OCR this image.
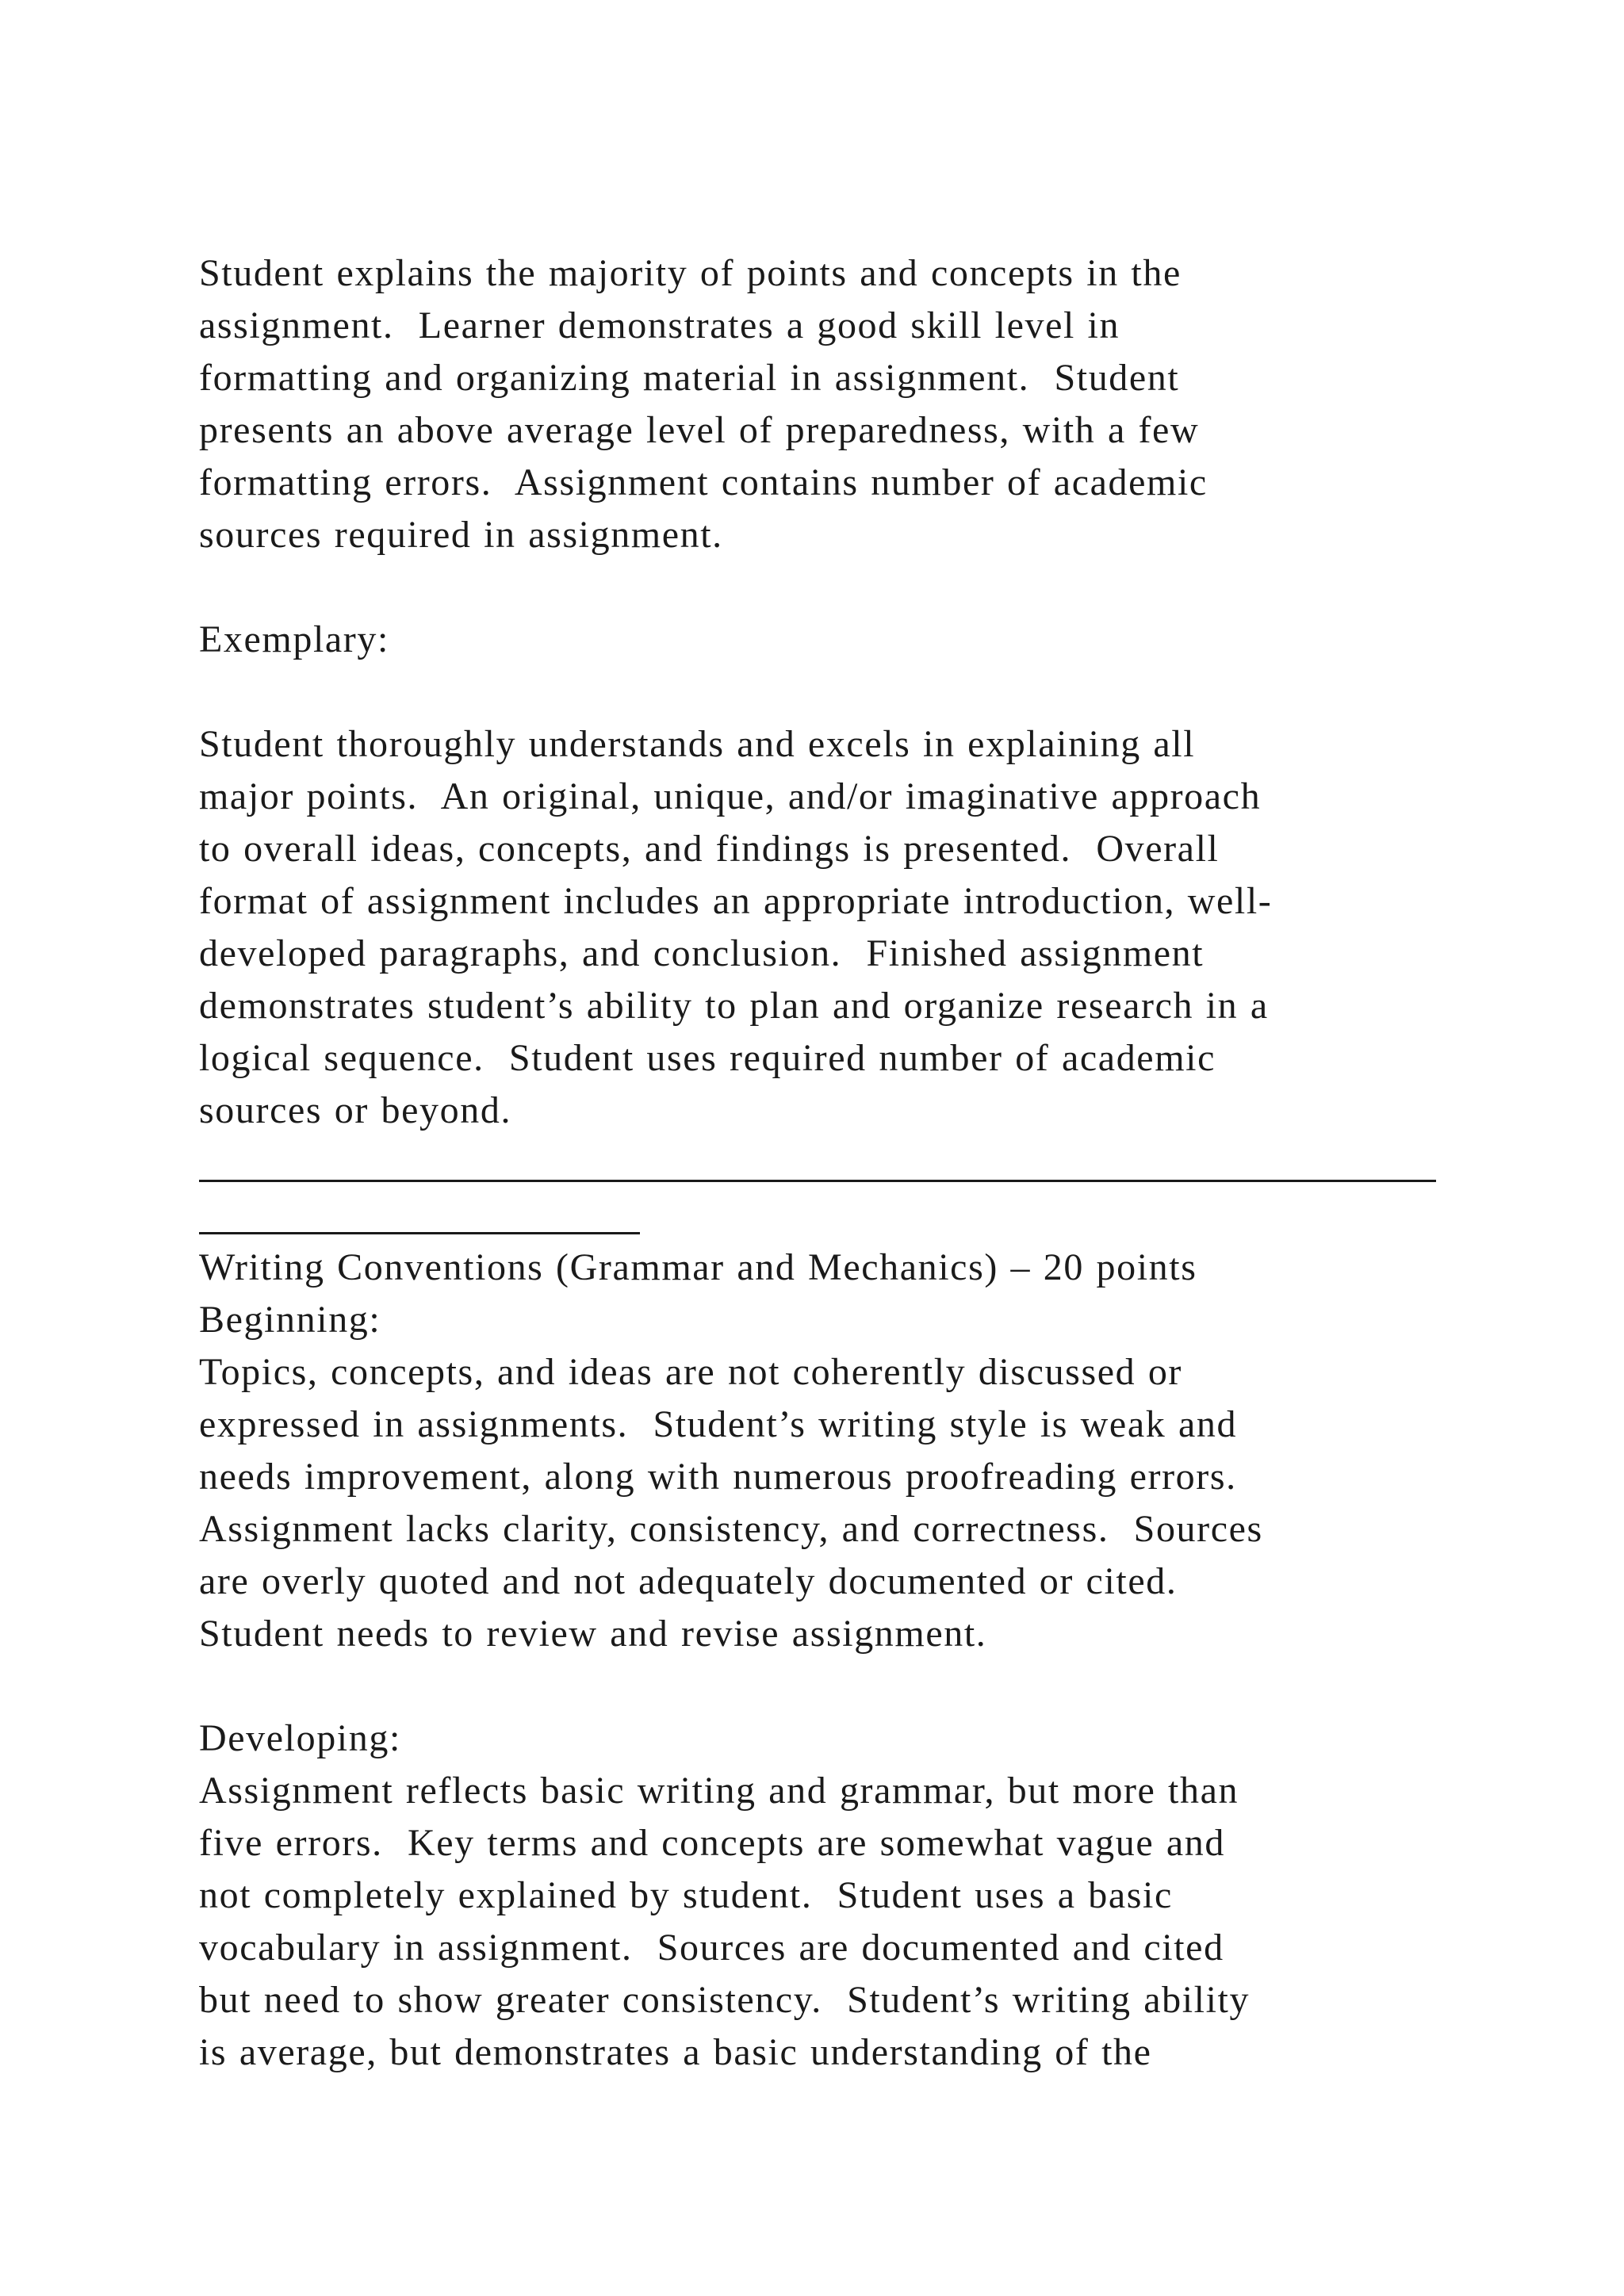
Student explains the majority of points and concepts in the
assignment.  Learner demonstrates a good skill level in
formatting and organizing material in assignment.  Student
presents an above average level of preparedness, with a few
formatting errors.  Assignment contains number of academic
sources required in assignment.
Exemplary:
Student thoroughly understands and excels in explaining all
major points.  An original, unique, and/or imaginative approach
to overall ideas, concepts, and findings is presented.  Overall
format of assignment includes an appropriate introduction, well-
developed paragraphs, and conclusion.  Finished assignment
demonstrates student’s ability to plan and organize research in a
logical sequence.  Student uses required number of academic
sources or beyond.
Writing Conventions (Grammar and Mechanics) – 20 points
Beginning:
Topics, concepts, and ideas are not coherently discussed or
expressed in assignments.  Student’s writing style is weak and
needs improvement, along with numerous proofreading errors.
Assignment lacks clarity, consistency, and correctness.  Sources
are overly quoted and not adequately documented or cited.
Student needs to review and revise assignment.
Developing:
Assignment reflects basic writing and grammar, but more than
five errors.  Key terms and concepts are somewhat vague and
not completely explained by student.  Student uses a basic
vocabulary in assignment.  Sources are documented and cited
but need to show greater consistency.  Student’s writing ability
is average, but demonstrates a basic understanding of the
